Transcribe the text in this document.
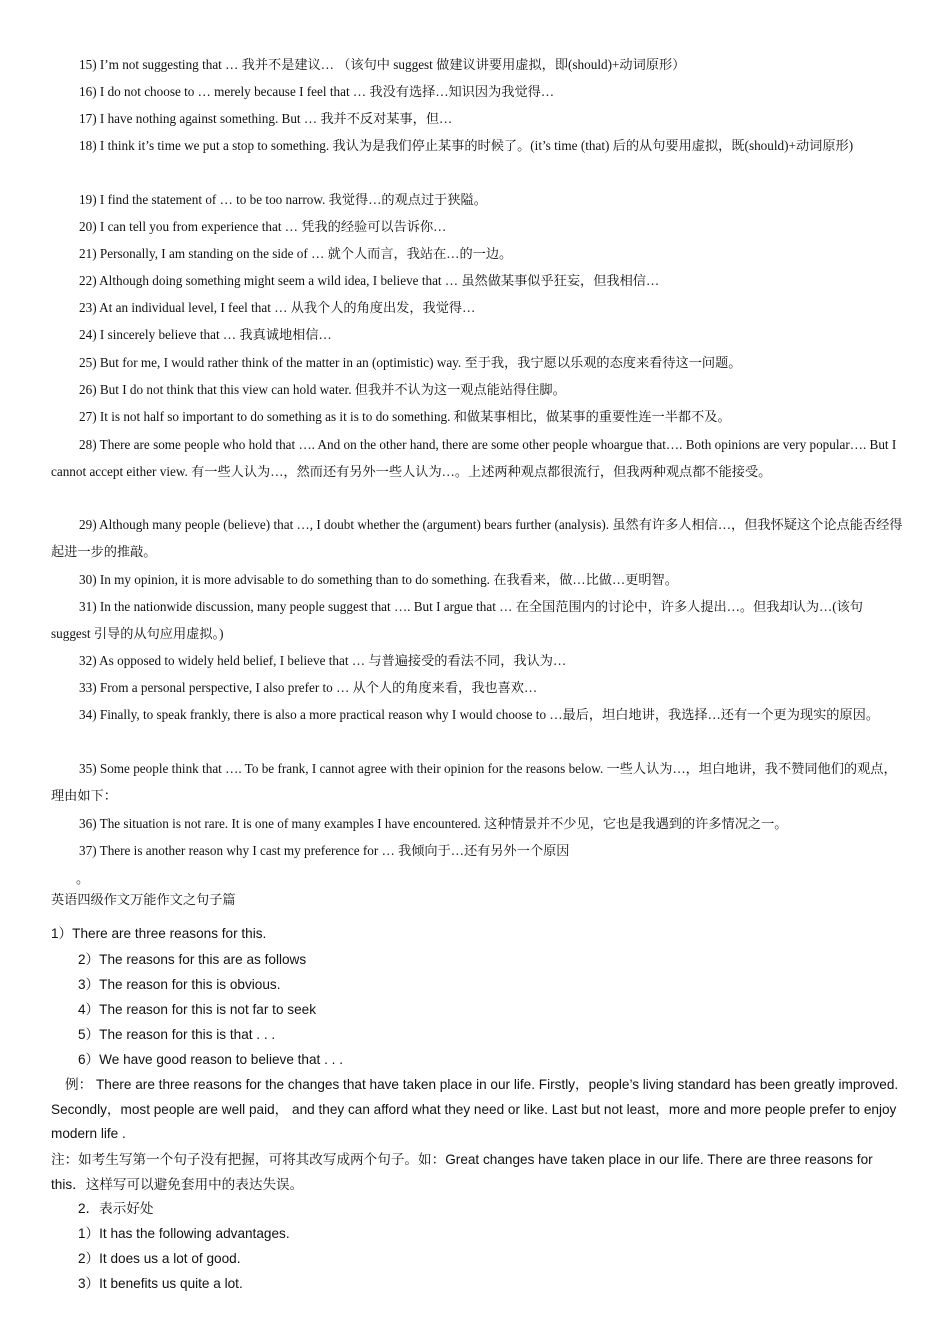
15) I’m not suggesting that … 我并不是建议… （该句中 suggest 做建议讲要用虚拟，即(should)+动词原形）

16) I do not choose to … merely because I feel that … 我没有选择…知识因为我觉得…

17) I have nothing against something. But … 我并不反对某事，但…

18) I think it’s time we put a stop to something. 我认为是我们停止某事的时候了。(it’s time (that) 后的从句要用虚拟，既(should)+动词原形)

19) I find the statement of … to be too narrow. 我觉得…的观点过于狭隘。

20) I can tell you from experience that … 凭我的经验可以告诉你…

21) Personally, I am standing on the side of … 就个人而言，我站在…的一边。

22) Although doing something might seem a wild idea, I believe that … 虽然做某事似乎狂妄，但我相信…

23) At an individual level, I feel that … 从我个人的角度出发，我觉得…

24) I sincerely believe that … 我真诚地相信…

25) But for me, I would rather think of the matter in an (optimistic) way. 至于我，我宁愿以乐观的态度来看待这一问题。

26) But I do not think that this view can hold water. 但我并不认为这一观点能站得住脚。

27) It is not half so important to do something as it is to do something. 和做某事相比，做某事的重要性连一半都不及。

28) There are some people who hold that …. And on the other hand, there are some other people whoargue that…. Both opinions are very popular…. But I cannot accept either view. 有一些人认为…，然而还有另外一些人认为…。上述两种观点都很流行，但我两种观点都不能接受。

29) Although many people (believe) that …, I doubt whether the (argument) bears further (analysis). 虽然有许多人相信…，但我怀疑这个论点能否经得起进一步的推敲。

30) In my opinion, it is more advisable to do something than to do something. 在我看来，做…比做…更明智。

31) In the nationwide discussion, many people suggest that …. But I argue that … 在全国范围内的讨论中，许多人提出…。但我却认为…(该句 suggest 引导的从句应用虚拟。)

32) As opposed to widely held belief, I believe that … 与普遍接受的看法不同，我认为…

33) From a personal perspective, I also prefer to … 从个人的角度来看，我也喜欢…

34) Finally, to speak frankly, there is also a more practical reason why I would choose to …最后，坦白地讲，我选择…还有一个更为现实的原因。

35) Some people think that …. To be frank, I cannot agree with their opinion for the reasons below. 一些人认为…，坦白地讲，我不赞同他们的观点，理由如下：

36) The situation is not rare. It is one of many examples I have encountered. 这种情景并不少见，它也是我遇到的许多情况之一。

37) There is another reason why I cast my preference for … 我倾向于…还有另外一个原因

。

英语四级作文万能作文之句子篇

1）There are three reasons for this.

2）The reasons for this are as follows

3）The reason for this is obvious.

4）The reason for this is not far to seek

5）The reason for this is that . . .

6）We have good reason to believe that . . .

例： There are three reasons for the changes that have taken place in our life. Firstly，people’s living standard has been greatly improved. Secondly，most people are well paid， and they can afford what they need or like. Last but not least，more and more people prefer to enjoy modern life .

注：如考生写第一个句子没有把握，可将其改写成两个句子。如：Great changes have taken place in our life. There are three reasons for this．这样写可以避免套用中的表达失误。

2．表示好处

1）It has the following advantages.

2）It does us a lot of good.

3）It benefits us quite a lot.
